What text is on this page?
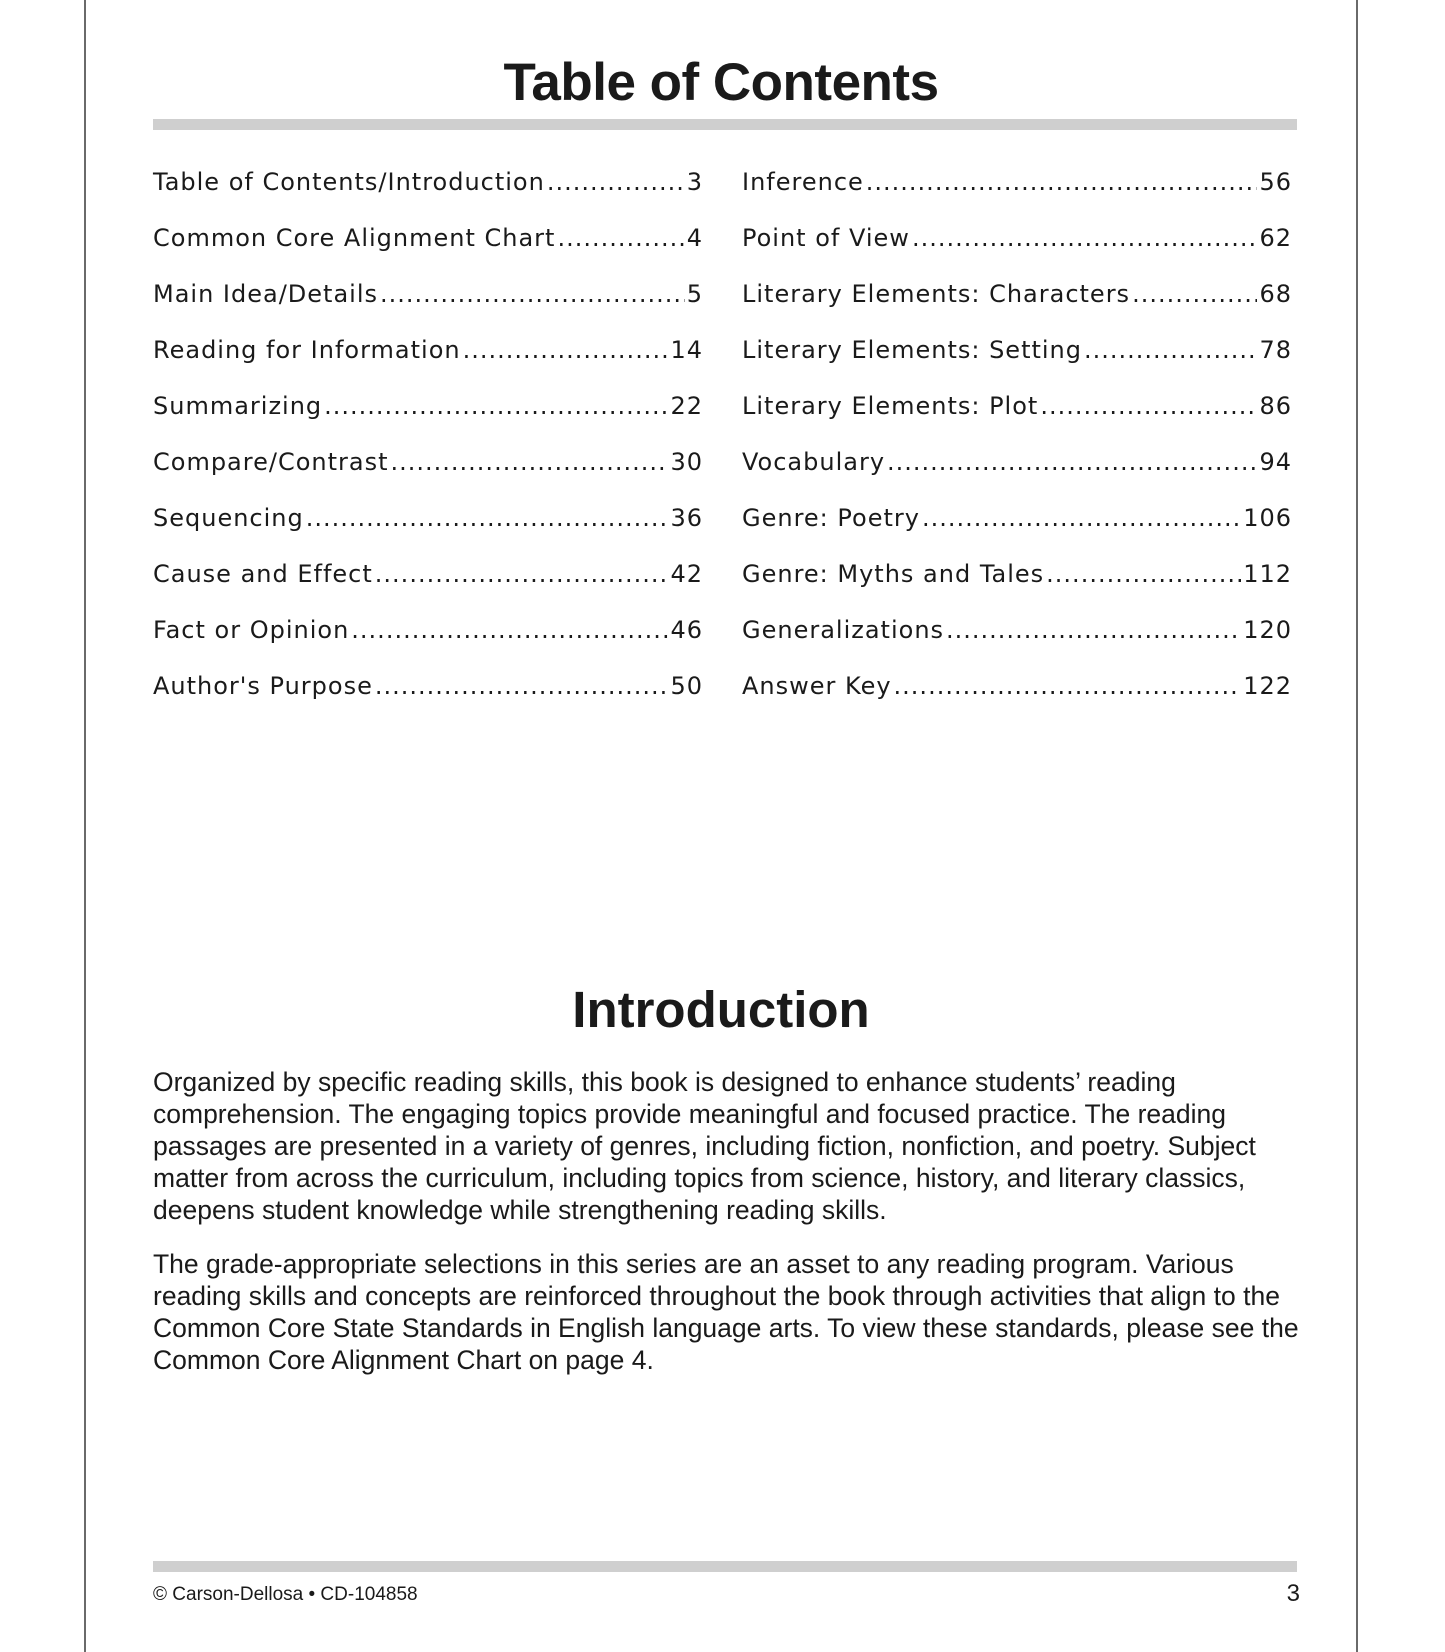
Table of Contents
Table of Contents/Introduction .....	3
Common Core Alignment Chart .....	4
Main Idea/Details .....	5
Reading for Information .....	14
Summarizing .....	22
Compare/Contrast .....	30
Sequencing .....	36
Cause and Effect .....	42
Fact or Opinion .....	46
Author's Purpose .....	50
Inference .....	56
Point of View .....	62
Literary Elements: Characters .....	68
Literary Elements: Setting .....	78
Literary Elements: Plot .....	86
Vocabulary .....	94
Genre: Poetry .....	106
Genre: Myths and Tales .....	112
Generalizations .....	120
Answer Key .....	122
Introduction

Organized by specific reading skills, this book is designed to enhance students’ reading comprehension. The engaging topics provide meaningful and focused practice. The reading passages are presented in a variety of genres, including fiction, nonfiction, and poetry. Subject matter from across the curriculum, including topics from science, history, and literary classics, deepens student knowledge while strengthening reading skills.

The grade-appropriate selections in this series are an asset to any reading program. Various reading skills and concepts are reinforced throughout the book through activities that align to the Common Core State Standards in English language arts. To view these standards, please see the Common Core Alignment Chart on page 4.

© Carson-Dellosa • CD-104858	3
